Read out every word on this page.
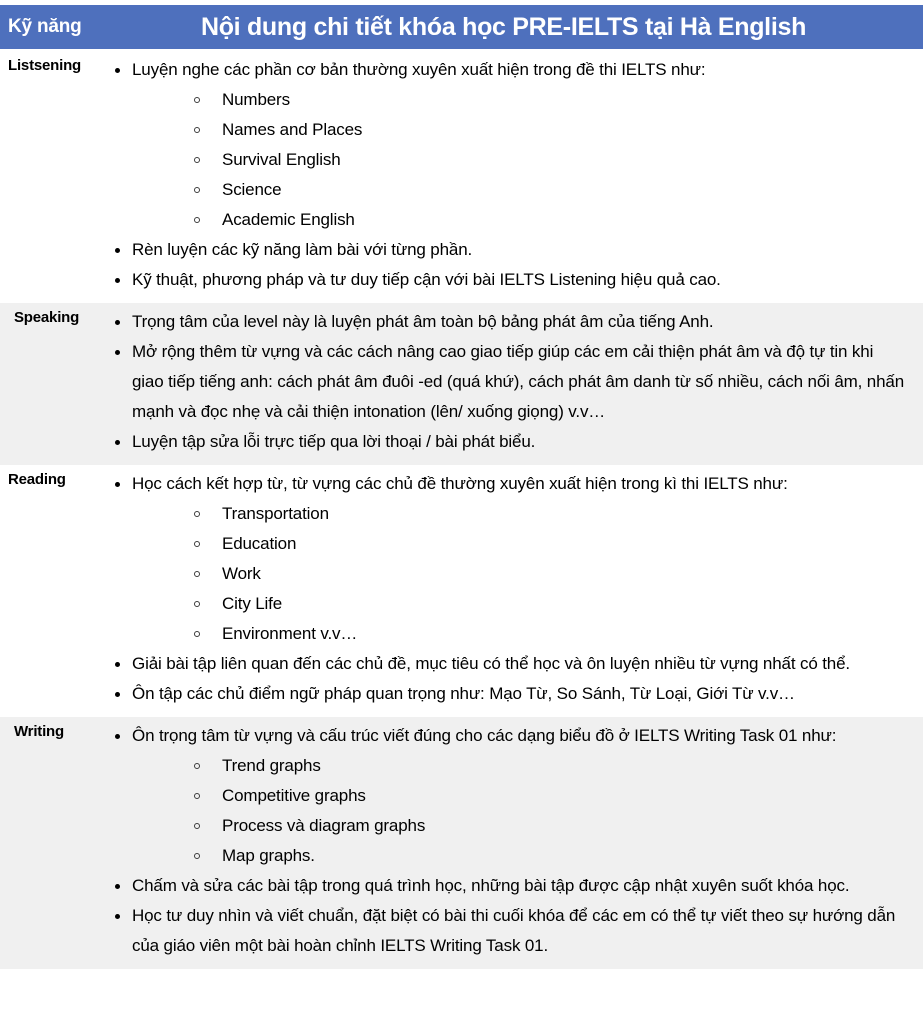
Kỹ năng	Nội dung chi tiết khóa học PRE-IELTS tại Hà English
Listsening	Luyện nghe các phần cơ bản thường xuyên xuất hiện trong đề thi IELTS như:
Numbers
Names and Places
Survival English
Science
Academic English
Rèn luyện các kỹ năng làm bài với từng phần.
Kỹ thuật, phương pháp và tư duy tiếp cận với bài IELTS Listening hiệu quả cao.
Speaking	Trọng tâm của level này là luyện phát âm toàn bộ bảng phát âm của tiếng Anh.
Mở rộng thêm từ vựng và các cách nâng cao giao tiếp giúp các em cải thiện phát âm và độ tự tin khi giao tiếp tiếng anh: cách phát âm đuôi -ed (quá khứ), cách phát âm danh từ số nhiều, cách nối âm, nhấn mạnh và đọc nhẹ và cải thiện intonation (lên/ xuống giọng) v.v…
Luyện tập sửa lỗi trực tiếp qua lời thoại / bài phát biểu.
Reading	Học cách kết hợp từ, từ vựng các chủ đề thường xuyên xuất hiện trong kì thi IELTS như:
Transportation
Education
Work
City Life
Environment v.v…
Giải bài tập liên quan đến các chủ đề, mục tiêu có thể học và ôn luyện nhiều từ vựng nhất có thể.
Ôn tập các chủ điểm ngữ pháp quan trọng như: Mạo Từ, So Sánh, Từ Loại, Giới Từ v.v…
Writing	Ôn trọng tâm từ vựng và cấu trúc viết đúng cho các dạng biểu đồ ở IELTS Writing Task 01 như:
Trend graphs
Competitive graphs
Process và diagram graphs
Map graphs.
Chấm và sửa các bài tập trong quá trình học, những bài tập được cập nhật xuyên suốt khóa học.
Học tư duy nhìn và viết chuẩn, đặt biệt có bài thi cuối khóa để các em có thể tự viết theo sự hướng dẫn của giáo viên một bài hoàn chỉnh IELTS Writing Task 01.
